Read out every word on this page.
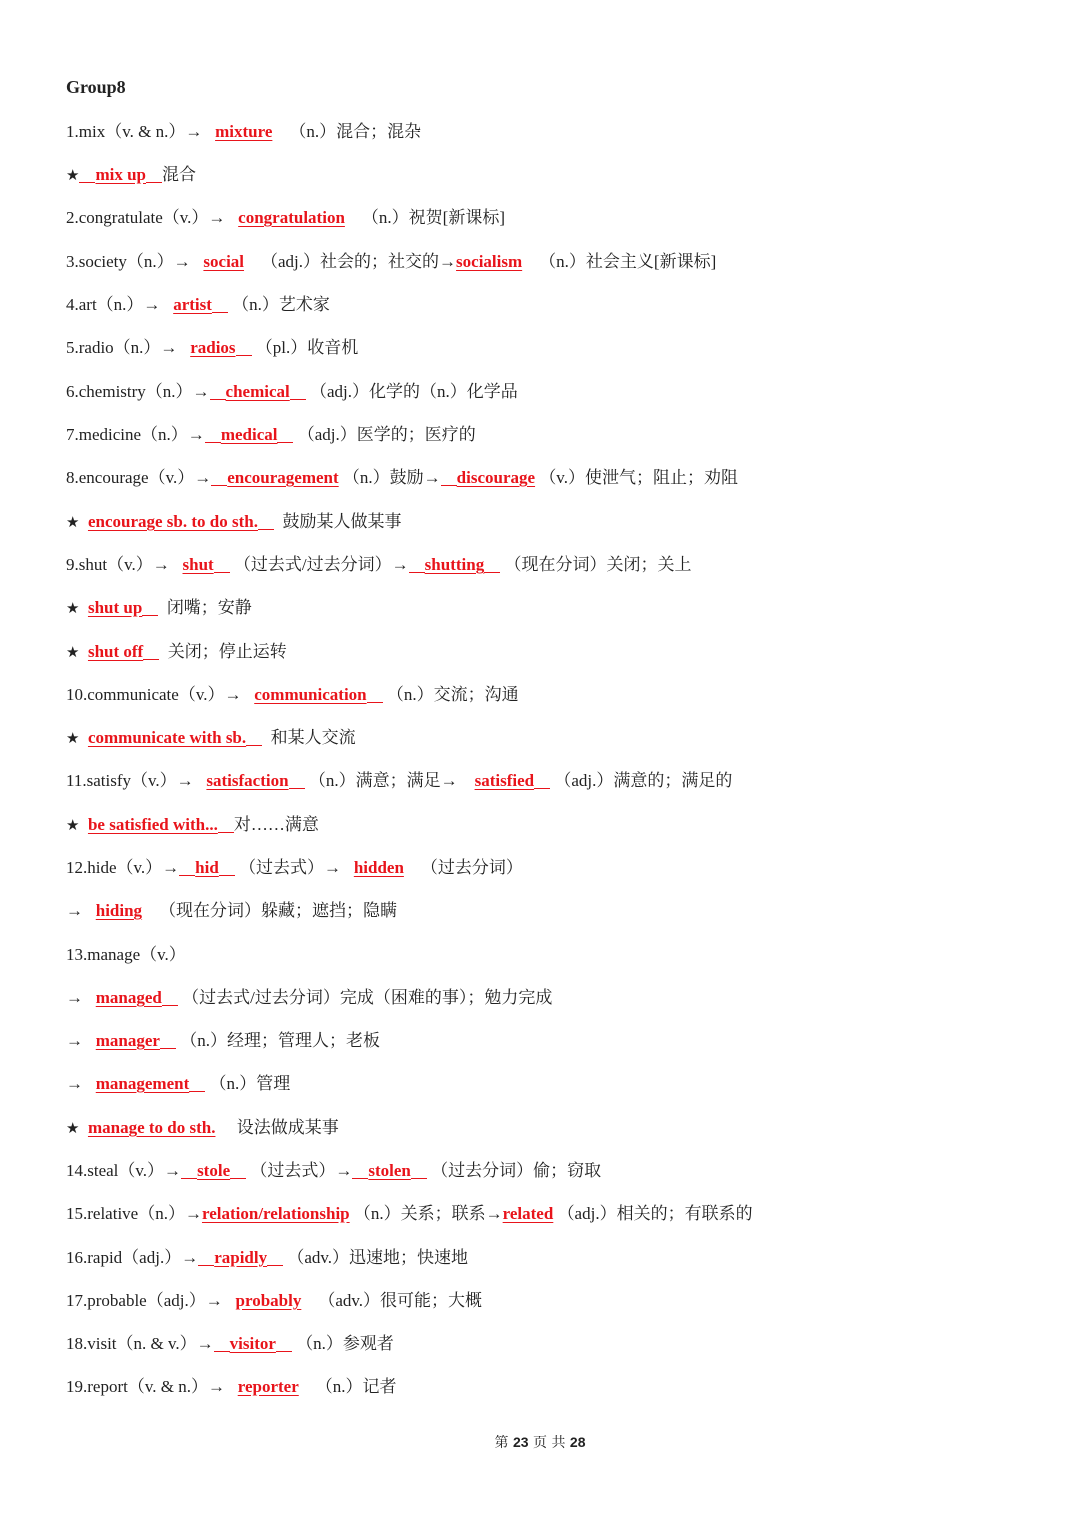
Group8
1.mix（v. & n.）→   mixture    （n.）混合；混杂
★ mix up 混合
2.congratulate（v.）→   congratulation    （n.）祝贺[新课标]
3.society（n.）→   social    （adj.）社会的；社交的→socialism    （n.）社会主义[新课标]
4.art（n.）→   artist （n.）艺术家
5.radio（n.）→   radios （pl.）收音机
6.chemistry（n.）→ chemical （adj.）化学的（n.）化学品
7.medicine（n.）→ medical （adj.）医学的；医疗的
8.encourage（v.）→ encouragement （n.）鼓励→ discourage （v.）使泄气；阻止；劝阻
★ encourage sb. to do sth.  鼓励某人做某事
9.shut（v.）→   shut （过去式/过去分词）→ shutting （现在分词）关闭；关上
★ shut up  闭嘴；安静
★ shut off  关闭；停止运转
10.communicate（v.）→   communication （n.）交流；沟通
★ communicate with sb.  和某人交流
11.satisfy（v.）→   satisfaction （n.）满意；满足→    satisfied （adj.）满意的；满足的
★ be satisfied with... 对……满意
12.hide（v.）→ hid （过去式）→   hidden    （过去分词）
→   hiding    （现在分词）躲藏；遮挡；隐瞒
13.manage（v.）
→   managed （过去式/过去分词）完成（困难的事）；勉力完成
→   manager （n.）经理；管理人；老板
→   management （n.）管理
★ manage to do sth.     设法做成某事
14.steal（v.）→ stole （过去式）→ stolen （过去分词）偷；窃取
15.relative（n.）→relation/relationship （n.）关系；联系→related （adj.）相关的；有联系的
16.rapid（adj.）→ rapidly （adv.）迅速地；快速地
17.probable（adj.）→   probably    （adv.）很可能；大概
18.visit（n. & v.）→ visitor （n.）参观者
19.report（v. & n.）→   reporter    （n.）记者
第 23 页 共 28
